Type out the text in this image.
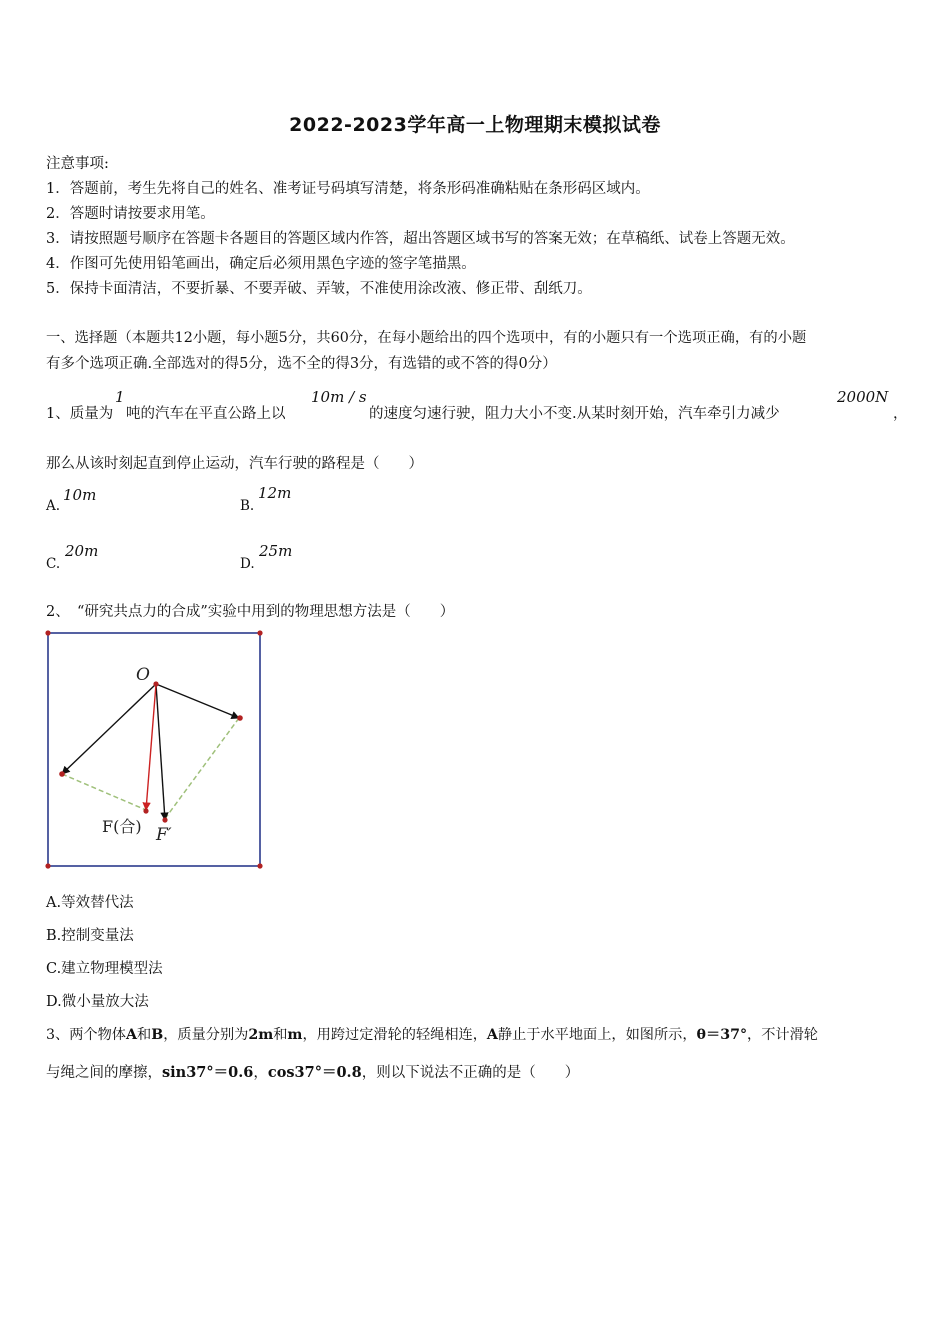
2022-2023学年高一上物理期末模拟试卷
注意事项:
1．答题前，考生先将自己的姓名、准考证号码填写清楚，将条形码准确粘贴在条形码区域内。
2．答题时请按要求用笔。
3．请按照题号顺序在答题卡各题目的答题区域内作答，超出答题区域书写的答案无效；在草稿纸、试卷上答题无效。
4．作图可先使用铅笔画出，确定后必须用黑色字迹的签字笔描黑。
5．保持卡面清洁，不要折暴、不要弄破、弄皱，不准使用涂改液、修正带、刮纸刀。
一、选择题（本题共12小题，每小题5分，共60分，在每小题给出的四个选项中，有的小题只有一个选项正确，有的小题
有多个选项正确.全部选对的得5分，选不全的得3分，有选错的或不答的得0分）
1、质量为
1
吨的汽车在平直公路上以
10m / s
的速度匀速行驶，阻力大小不变.从某时刻开始，汽车牵引力减少
2000N
，
那么从该时刻起直到停止运动，汽车行驶的路程是（　　）
A.
10m
B.
12m
C.
20m
D.
25m
2、　“研究共点力的合成”实验中用到的物理思想方法是（　　）
O
F(合) F′
A.等效替代法
B.控制变量法
C.建立物理模型法
D.微小量放大法
3、两个物体A和B，质量分别为2m和m，用跨过定滑轮的轻绳相连，A静止于水平地面上，如图所示，θ＝37°，不计滑轮
与绳之间的摩擦，sin37°＝0.6，cos37°＝0.8，则以下说法不正确的是（　　）
